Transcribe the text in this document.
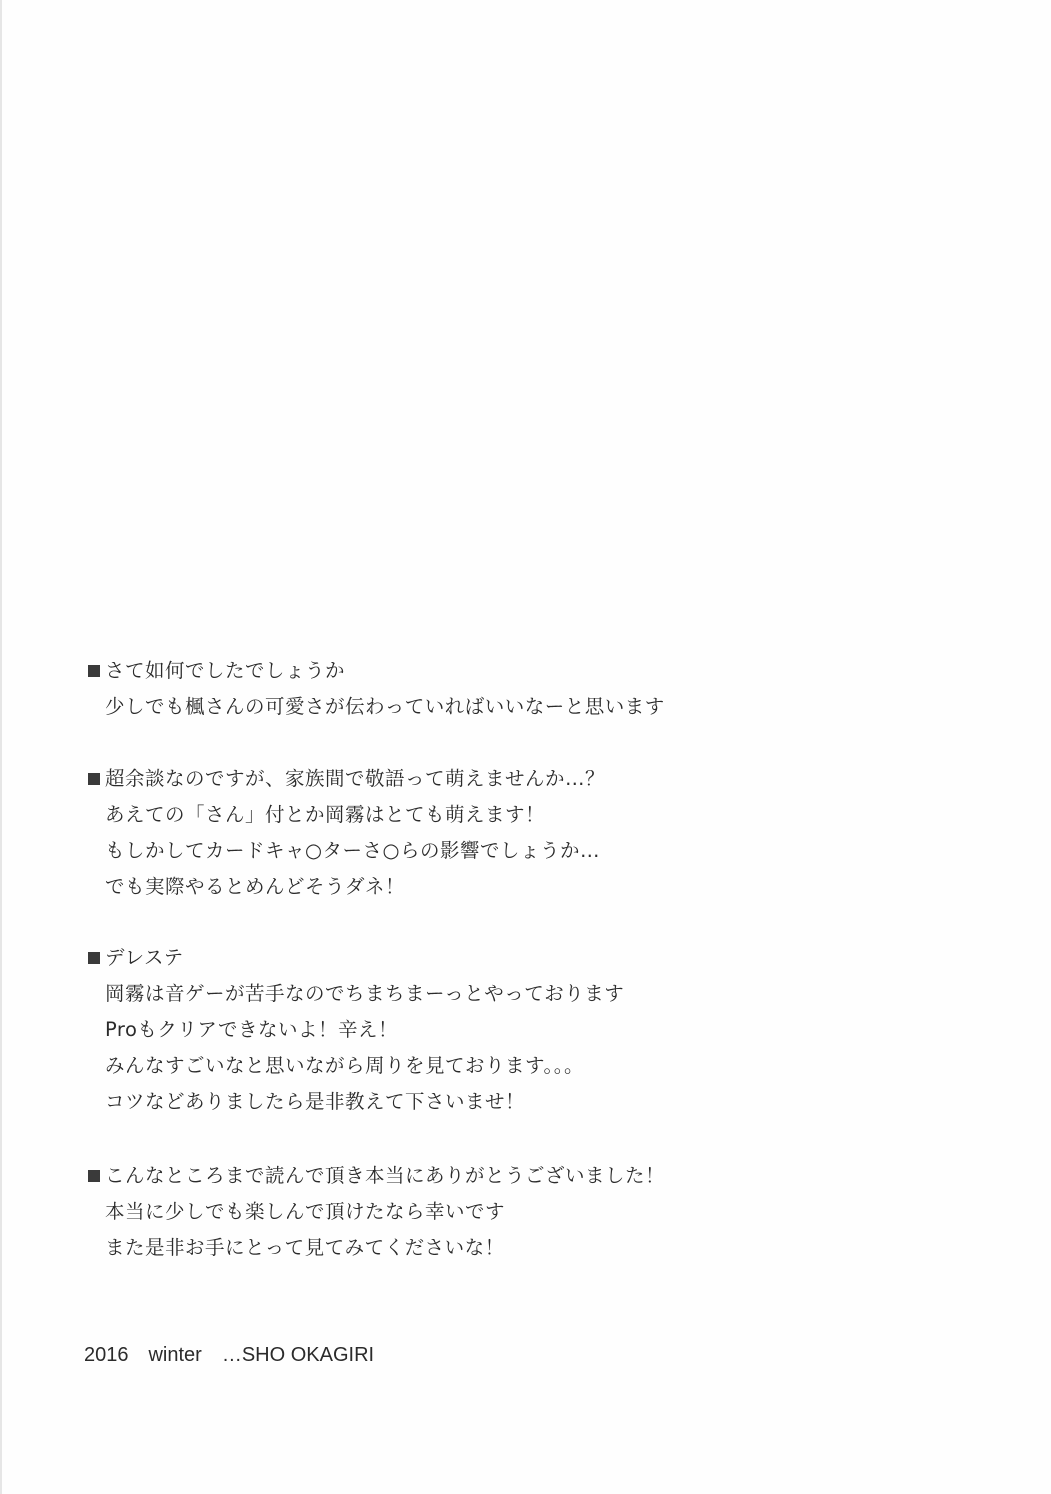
さて如何でしたでしょうか
少しでも楓さんの可愛さが伝わっていればいいなーと思います
超余談なのですが、家族間で敬語って萌えませんか…？
あえての「さん」付とか岡霧はとても萌えます！
もしかしてカードキャ○ターさ○らの影響でしょうか…
でも実際やるとめんどそうダネ！
デレステ
岡霧は音ゲーが苦手なのでちまちまーっとやっております
Proもクリアできないよ！辛え！
みんなすごいなと思いながら周りを見ております。。。
コツなどありましたら是非教えて下さいませ！
こんなところまで読んで頂き本当にありがとうございました！
本当に少しでも楽しんで頂けたなら幸いです
また是非お手にとって見てみてくださいな！
2016　winter　…SHO OKAGIRI
